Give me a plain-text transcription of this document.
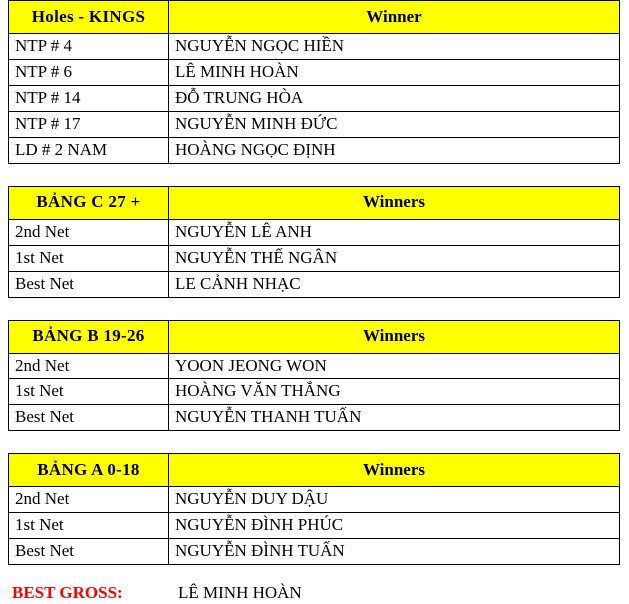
Holes - KINGS	Winner
NTP # 4	NGUYỄN NGỌC HIỀN
NTP # 6	LÊ MINH HOÀN
NTP # 14	ĐỖ TRUNG HÒA
NTP # 17	NGUYỄN MINH ĐỨC
LD # 2 NAM	HOÀNG NGỌC ĐỊNH
BẢNG C 27 +	Winners
2nd Net	NGUYỄN LÊ ANH
1st Net	NGUYỄN THẾ NGÂN
Best Net	LE CẢNH NHẠC
BẢNG B 19-26	Winners
2nd Net	YOON JEONG WON
1st Net	HOÀNG VĂN THẮNG
Best Net	NGUYỄN THANH TUẤN
BẢNG A 0-18	Winners
2nd Net	NGUYỄN DUY DẬU
1st Net	NGUYỄN ĐÌNH PHÚC
Best Net	NGUYỄN ĐÌNH TUẤN
BEST GROSS:	LÊ MINH HOÀN
